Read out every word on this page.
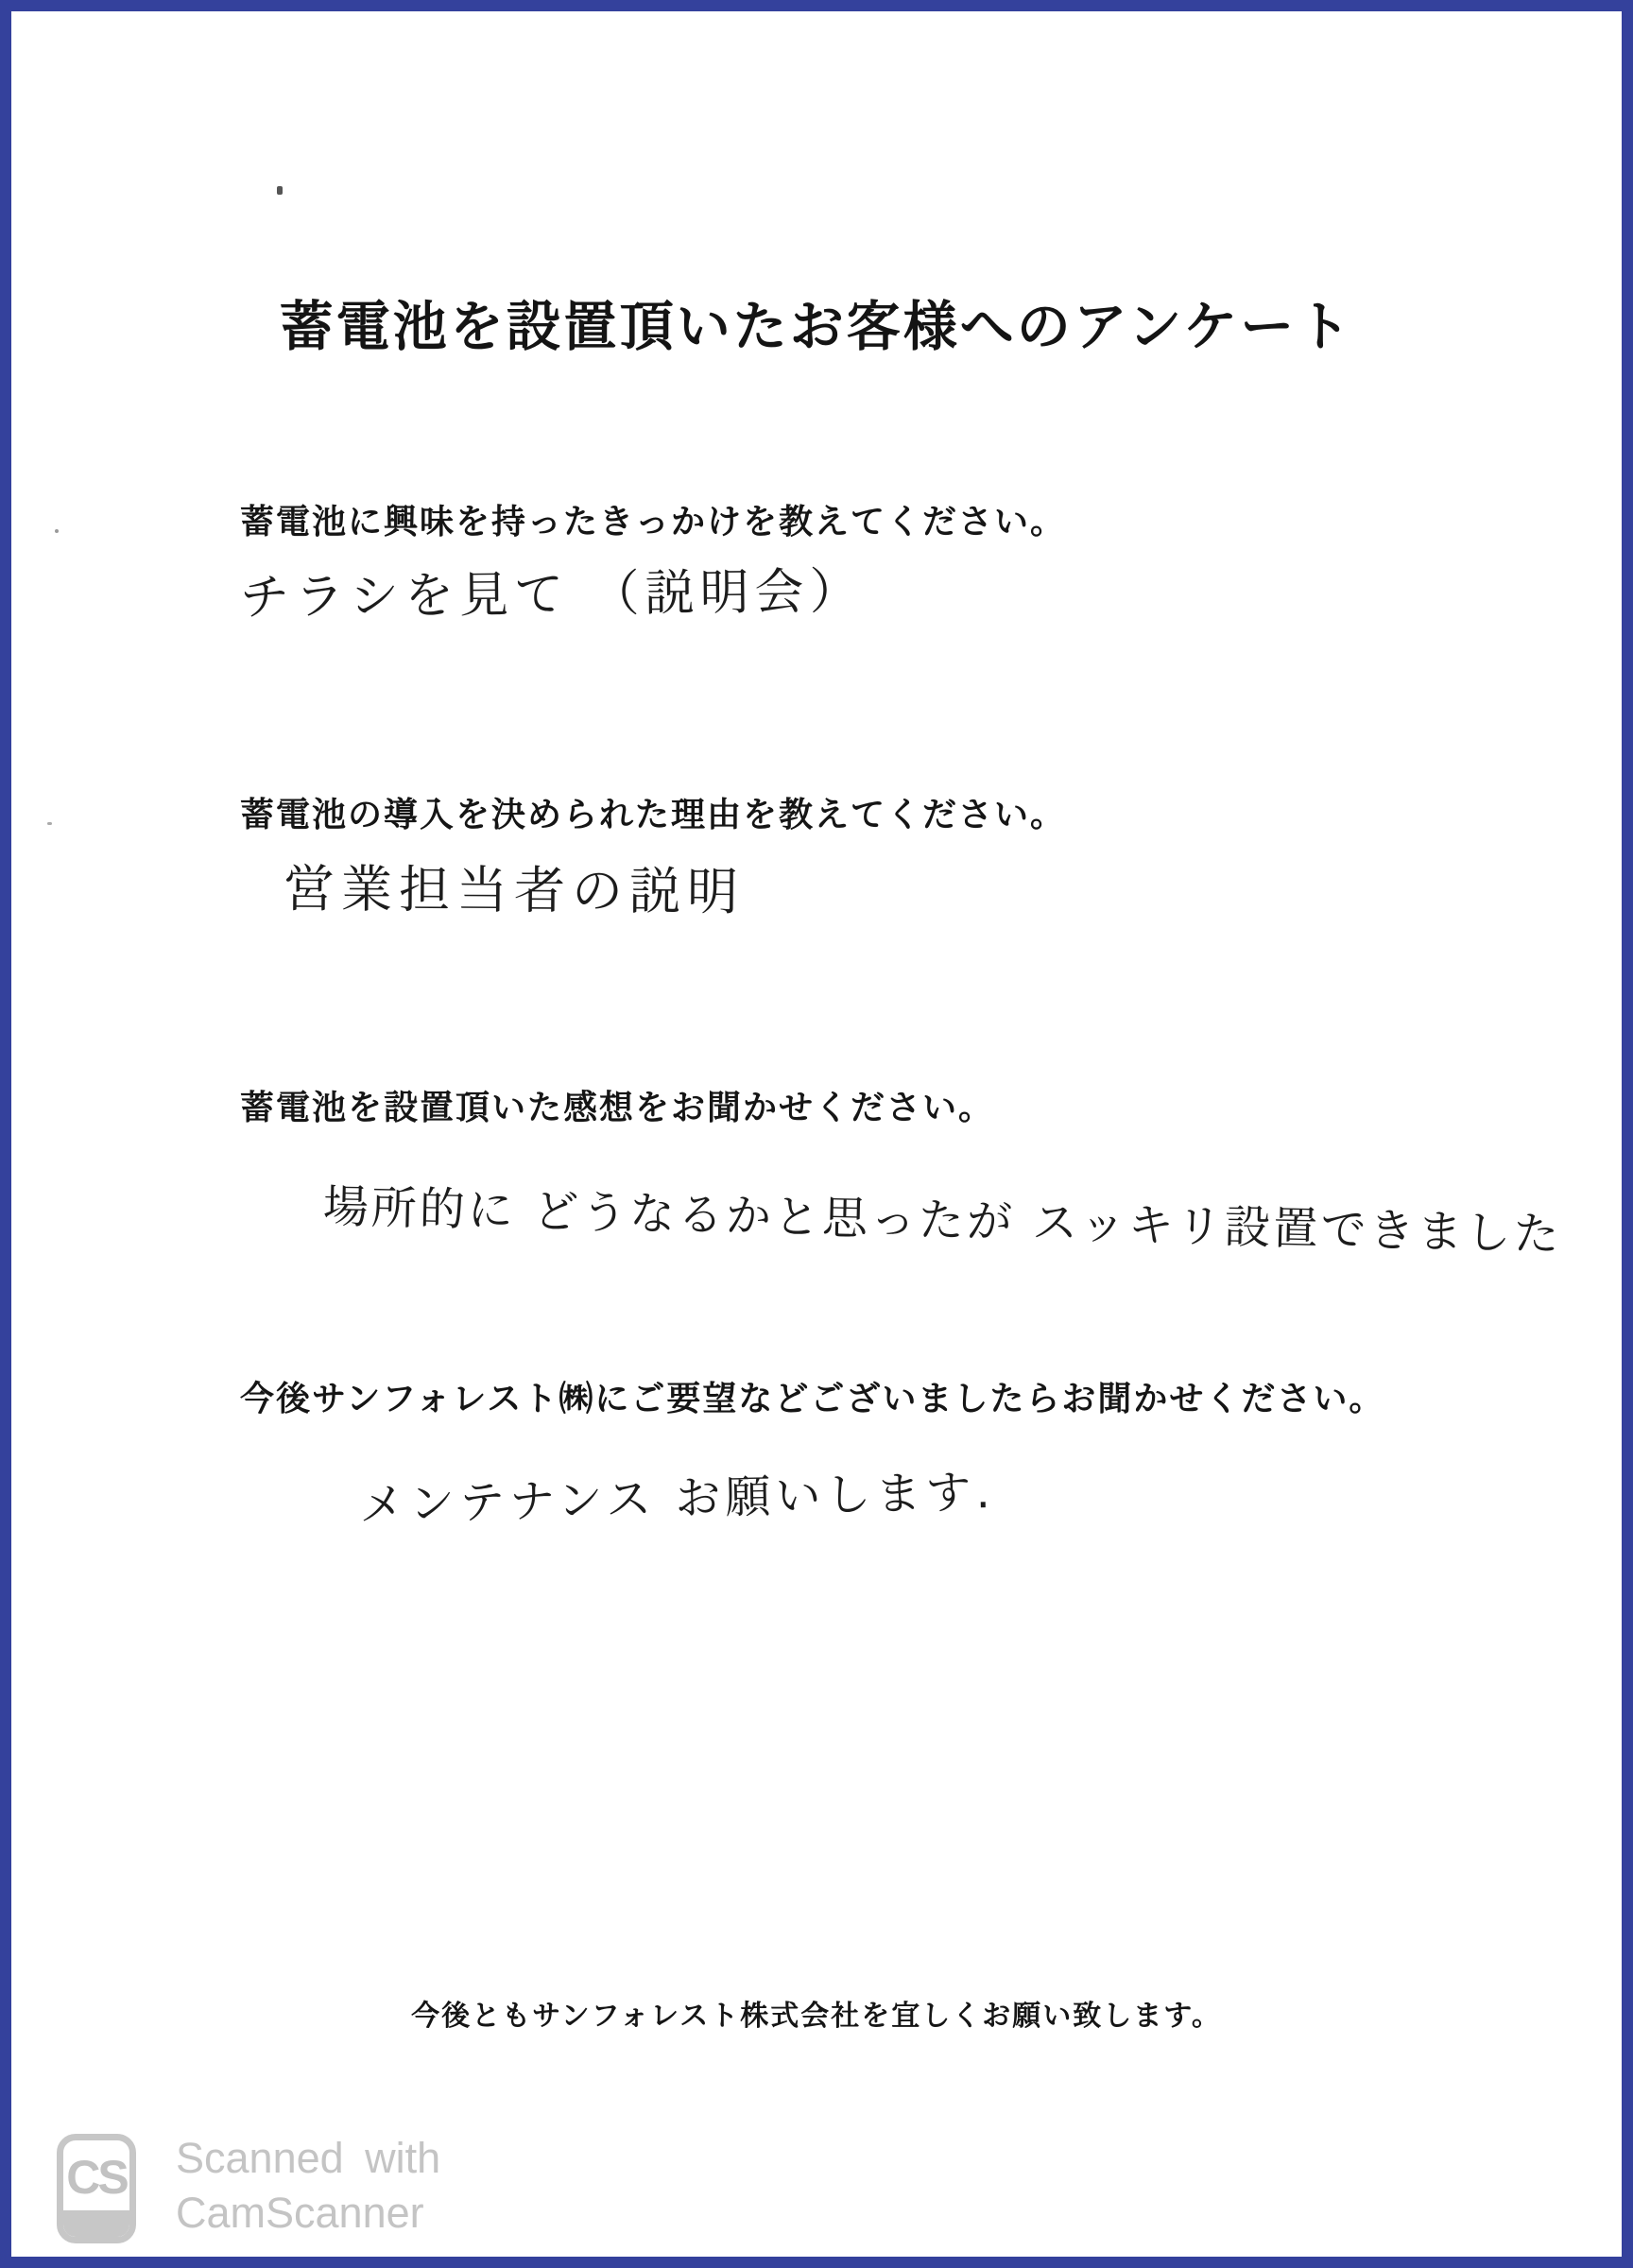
蓄電池を設置頂いたお客様へのアンケート
蓄電池に興味を持ったきっかけを教えてください。
チラシを見て （説明会）
蓄電池の導入を決められた理由を教えてください。
営業担当者の説明
蓄電池を設置頂いた感想をお聞かせください。
場所的に どうなるかと思ったが スッキリ設置できました
今後サンフォレスト㈱にご要望などございましたらお聞かせください。
メンテナンス お願いします.
今後ともサンフォレスト株式会社を宜しくお願い致します。
CS Scanned with
CamScanner
